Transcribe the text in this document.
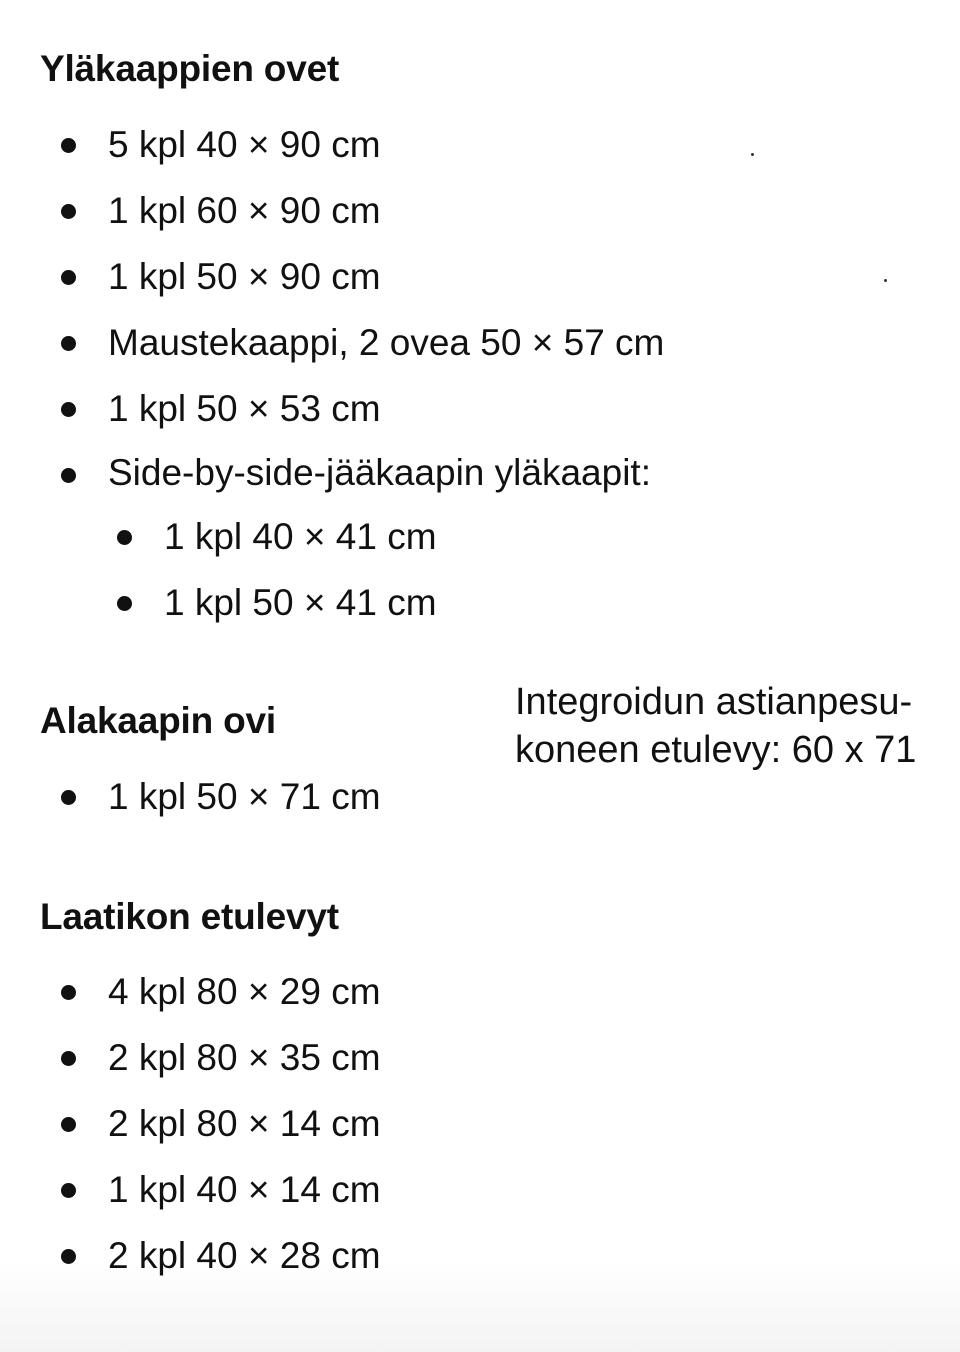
Yläkaappien ovet
5 kpl 40 × 90 cm
1 kpl 60 × 90 cm
1 kpl 50 × 90 cm
Maustekaappi, 2 ovea 50 × 57 cm
1 kpl 50 × 53 cm
Side-by-side-jääkaapin yläkaapit:
1 kpl 40 × 41 cm
1 kpl 50 × 41 cm
Alakaapin ovi
1 kpl 50 × 71 cm
Integroidun astianpesu-
koneen etulevy: 60 x 71
Laatikon etulevyt
4 kpl 80 × 29 cm
2 kpl 80 × 35 cm
2 kpl 80 × 14 cm
1 kpl 40 × 14 cm
2 kpl 40 × 28 cm
